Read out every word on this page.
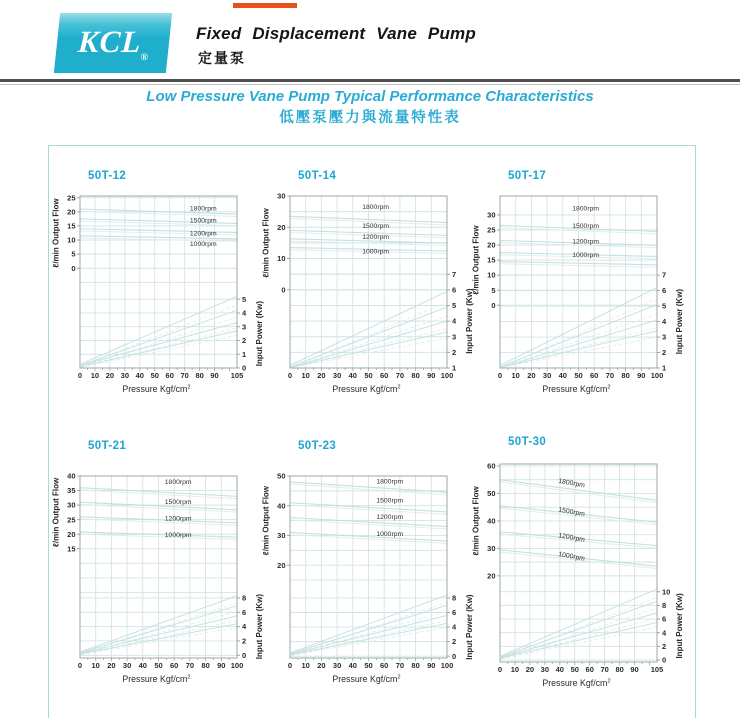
$KCL_®$
Fixed Displacement Vane Pump
定量泵
Low Pressure Vane Pump Typical Performance Characteristics
低壓泵壓力與流量特性表
50T-12
25
20
15
10
5
0
5
4
3
2
1
0
0 10 20 30 40 50 60 70 80 90 105
1800rpm
1500rpm
1200rpm
1000rpm
ℓ/min Output Flow
Input Power (Kw)
Pressure Kgf/$cm^2$
50T-14
30
20
10
0
7
6
5
4
3
2
1
0 10 20 30 40 50 60 70 80 90 100
1800rpm
1500rpm
1200rpm
1000rpm
ℓ/min Output Flow
Input Power (Kw)
Pressure Kgf/$cm^2$
50T-17
30
25
20
15
10
5
0
7
6
5
4
3
2
1
0 10 20 30 40 50 60 70 80 90 100
1800rpm
1500rpm
1200rpm
1000rpm
ℓ/min Output Flow
Input Power (Kw)
Pressure Kgf/$cm^2$
50T-21
40
35
30
25
20
15
8
6
4
2
0
0 10 20 30 40 50 60 70 80 90 100
1800rpm
1500rpm
1200rpm
1000rpm
ℓ/min Output Flow
Input Power (Kw)
Pressure Kgf/$cm^2$
50T-23
50
40
30
20
8
6
4
2
0
0 10 20 30 40 50 60 70 80 90 100
1800rpm
1500rpm
1200rpm
1000rpm
ℓ/min Output Flow
Input Power (Kw)
Pressure Kgf/$cm^2$
50T-30
60
50
40
30
20
10
8
6
4
2
0
0 10 20 30 40 50 60 70 80 90 105
1800rpm
1500rpm
1200rpm
1000rpm
ℓ/min Output Flow
Input Power (Kw)
Pressure Kgf/$cm^2$
